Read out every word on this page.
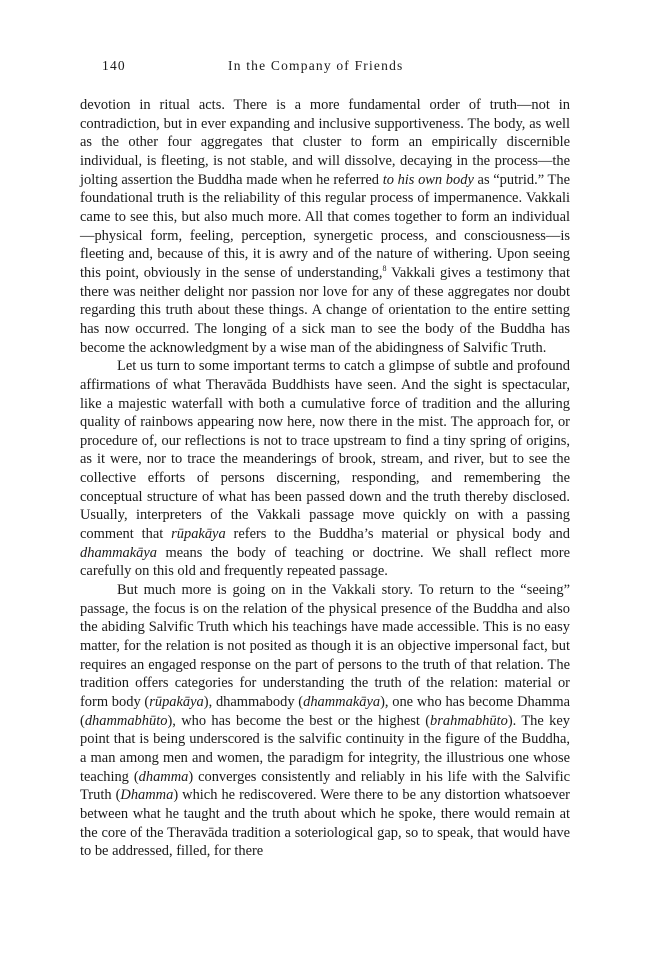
140	In the Company of Friends

devotion in ritual acts. There is a more fundamental order of truth—not in contradiction, but in ever expanding and inclusive supportiveness. The body, as well as the other four aggregates that cluster to form an empirically discernible individual, is fleeting, is not stable, and will dissolve, decaying in the process—the jolting assertion the Buddha made when he referred to his own body as “putrid.” The foundational truth is the reliability of this regular process of impermanence. Vakkali came to see this, but also much more. All that comes together to form an individual—physical form, feeling, perception, synergetic process, and consciousness—is fleeting and, because of this, it is awry and of the nature of withering. Upon seeing this point, obviously in the sense of understanding,$^8$ Vakkali gives a testimony that there was neither delight nor passion nor love for any of these aggregates nor doubt regarding this truth about these things. A change of orientation to the entire setting has now occurred. The longing of a sick man to see the body of the Buddha has become the acknowledgment by a wise man of the abidingness of Salvific Truth.

Let us turn to some important terms to catch a glimpse of subtle and profound affirmations of what Theravāda Buddhists have seen. And the sight is spectacular, like a majestic waterfall with both a cumulative force of tradition and the alluring quality of rainbows appearing now here, now there in the mist. The approach for, or procedure of, our reflections is not to trace upstream to find a tiny spring of origins, as it were, nor to trace the meanderings of brook, stream, and river, but to see the collective efforts of persons discerning, responding, and remembering the conceptual structure of what has been passed down and the truth thereby disclosed. Usually, interpreters of the Vakkali passage move quickly on with a passing comment that rūpakāya refers to the Buddha’s material or physical body and dhammakāya means the body of teaching or doctrine. We shall reflect more carefully on this old and frequently repeated passage.

But much more is going on in the Vakkali story. To return to the “seeing” passage, the focus is on the relation of the physical presence of the Buddha and also the abiding Salvific Truth which his teachings have made accessible. This is no easy matter, for the relation is not posited as though it is an objective impersonal fact, but requires an engaged response on the part of persons to the truth of that relation. The tradition offers categories for understanding the truth of the relation: material or form body (rūpakāya), dhammabody (dhammakāya), one who has become Dhamma (dhammabhūto), who has become the best or the highest (brahmabhūto). The key point that is being underscored is the salvific continuity in the figure of the Buddha, a man among men and women, the paradigm for integrity, the illustrious one whose teaching (dhamma) converges consistently and reliably in his life with the Salvific Truth (Dhamma) which he rediscovered. Were there to be any distortion whatsoever between what he taught and the truth about which he spoke, there would remain at the core of the Theravāda tradition a soteriological gap, so to speak, that would have to be addressed, filled, for there
